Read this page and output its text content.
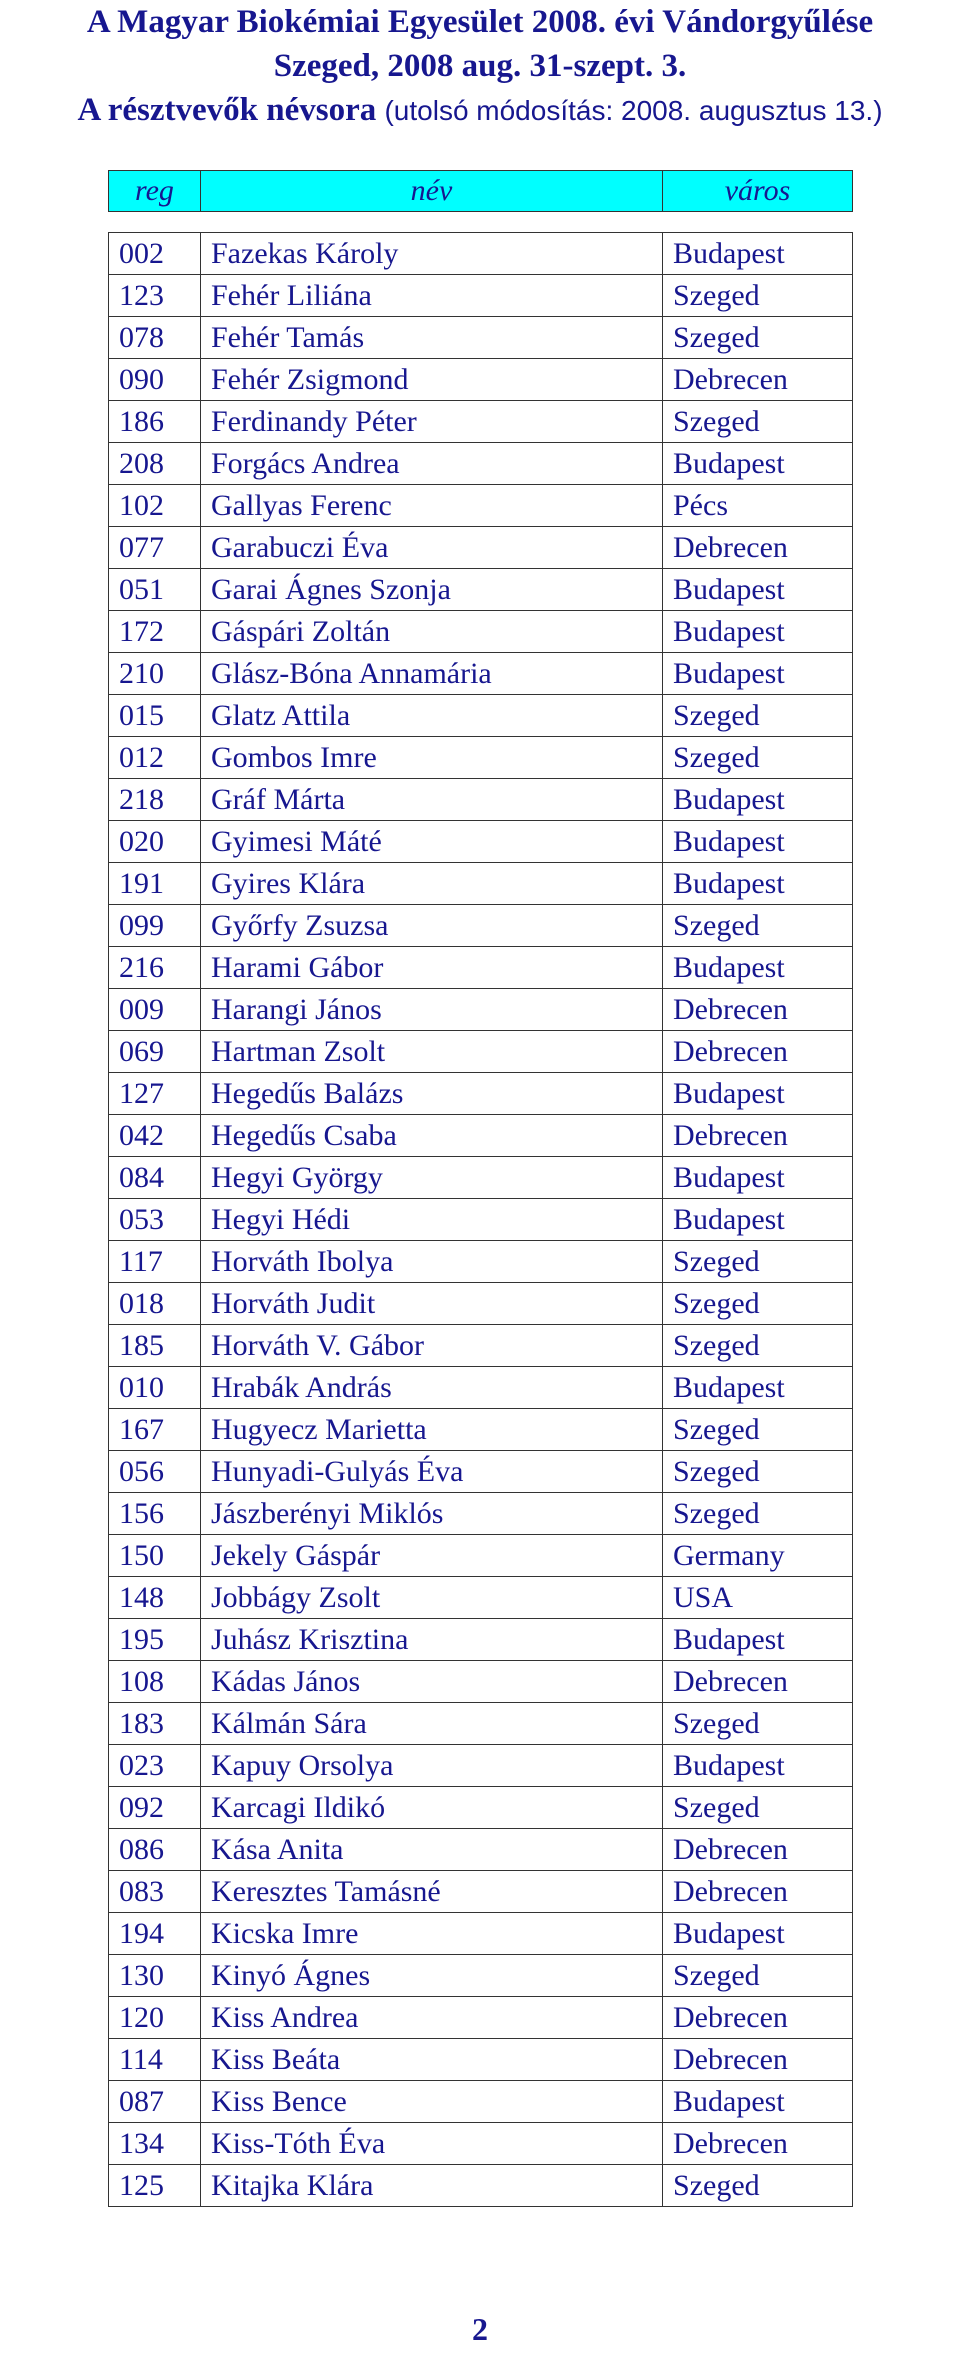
A Magyar Biokémiai Egyesület 2008. évi Vándorgyűlése
Szeged, 2008 aug. 31-szept. 3.
A résztvevők névsora (utolsó módosítás: 2008. augusztus 13.)
reg	név	város
002	Fazekas Károly	Budapest
123	Fehér Liliána	Szeged
078	Fehér Tamás	Szeged
090	Fehér Zsigmond	Debrecen
186	Ferdinandy Péter	Szeged
208	Forgács Andrea	Budapest
102	Gallyas Ferenc	Pécs
077	Garabuczi Éva	Debrecen
051	Garai Ágnes Szonja	Budapest
172	Gáspári Zoltán	Budapest
210	Glász-Bóna Annamária	Budapest
015	Glatz Attila	Szeged
012	Gombos Imre	Szeged
218	Gráf Márta	Budapest
020	Gyimesi Máté	Budapest
191	Gyires Klára	Budapest
099	Győrfy Zsuzsa	Szeged
216	Harami Gábor	Budapest
009	Harangi János	Debrecen
069	Hartman Zsolt	Debrecen
127	Hegedűs Balázs	Budapest
042	Hegedűs Csaba	Debrecen
084	Hegyi György	Budapest
053	Hegyi Hédi	Budapest
117	Horváth Ibolya	Szeged
018	Horváth Judit	Szeged
185	Horváth V. Gábor	Szeged
010	Hrabák András	Budapest
167	Hugyecz Marietta	Szeged
056	Hunyadi-Gulyás Éva	Szeged
156	Jászberényi Miklós	Szeged
150	Jekely Gáspár	Germany
148	Jobbágy Zsolt	USA
195	Juhász Krisztina	Budapest
108	Kádas János	Debrecen
183	Kálmán Sára	Szeged
023	Kapuy Orsolya	Budapest
092	Karcagi Ildikó	Szeged
086	Kása Anita	Debrecen
083	Keresztes Tamásné	Debrecen
194	Kicska Imre	Budapest
130	Kinyó Ágnes	Szeged
120	Kiss Andrea	Debrecen
114	Kiss Beáta	Debrecen
087	Kiss Bence	Budapest
134	Kiss-Tóth Éva	Debrecen
125	Kitajka Klára	Szeged
2
